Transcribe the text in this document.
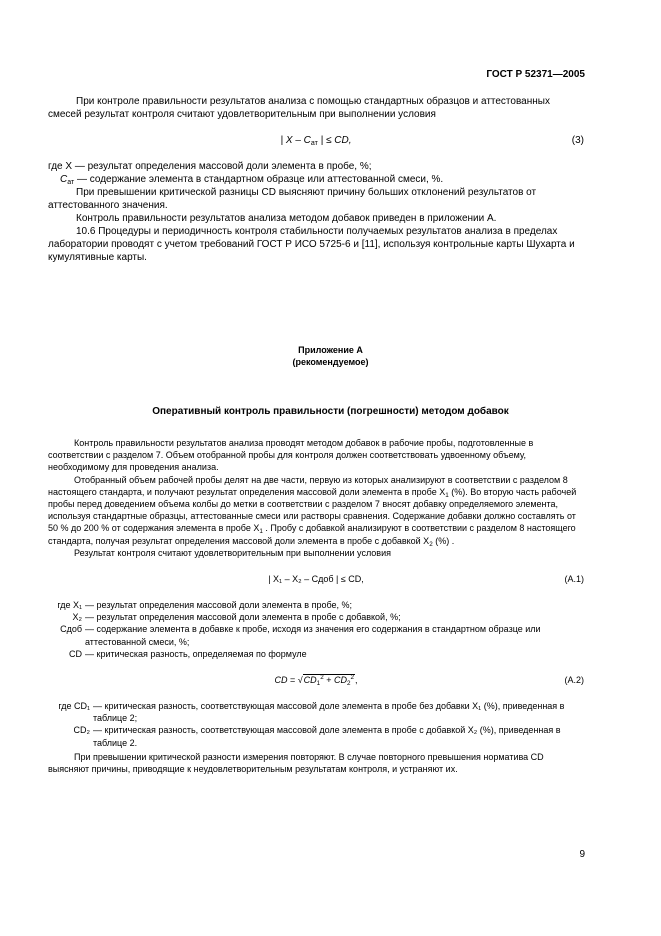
ГОСТ Р 52371—2005

При контроле правильности результатов анализа с помощью стандартных образцов и аттестованных смесей результат контроля считают удовлетворительным при выполнении условия

| X – $C_{ат}$ | ≤ CD,	(3)
где X — результат определения массовой доли элемента в пробе, %;
$C_{ат}$ — содержание элемента в стандартном образце или аттестованной смеси, %.

При превышении критической разницы CD выясняют причину больших отклонений результатов от аттестованного значения.

Контроль правильности результатов анализа методом добавок приведен в приложении А.

10.6 Процедуры и периодичность контроля стабильности получаемых результатов анализа в пределах лаборатории проводят с учетом требований ГОСТ Р ИСО 5725-6 и [11], используя контрольные карты Шухарта и кумулятивные карты.

Приложение А
(рекомендуемое)
Оперативный контроль правильности (погрешности) методом добавок

Контроль правильности результатов анализа проводят методом добавок в рабочие пробы, подготовленные в соответствии с разделом 7. Объем отобранной пробы для контроля должен соответствовать удвоенному объему, необходимому для проведения анализа.

Отобранный объем рабочей пробы делят на две части, первую из которых анализируют в соответствии с разделом 8 настоящего стандарта, и получают результат определения массовой доли элемента в пробе $X_1$ (%). Во вторую часть рабочей пробы перед доведением объема колбы до метки в соответствии с разделом 7 вносят добавку определяемого элемента, используя стандартные образцы, аттестованные смеси или растворы сравнения. Содержание добавки должно составлять от 50 % до 200 % от содержания элемента в пробе $X_1$ . Пробу с добавкой анализируют в соответствии с разделом 8 настоящего стандарта, получая результат определения массовой доли элемента в пробе с добавкой $X_2$ (%) .

Результат контроля считают удовлетворительным при выполнении условия

| X₁ – X₂ – Cдоб | ≤ CD,	(А.1)
где X₁ — результат определения массовой доли элемента в пробе, %;
X₂ — результат определения массовой доли элемента в пробе с добавкой, %;
Cдоб — содержание элемента в добавке к пробе, исходя из значения его содержания в стандартном образце или аттестованной смеси, %;
CD — критическая разность, определяемая по формуле
CD = $√CD_1^2 + CD_2^2$,	(А.2)
где CD₁ — критическая разность, соответствующая массовой доле элемента в пробе без добавки X₁ (%), приведенная в таблице 2;
CD₂ — критическая разность, соответствующая массовой доле элемента в пробе с добавкой X₂ (%), приведенная в таблице 2.

При превышении критической разности измерения повторяют. В случае повторного превышения норматива CD выясняют причины, приводящие к неудовлетворительным результатам контроля, и устраняют их.

9
